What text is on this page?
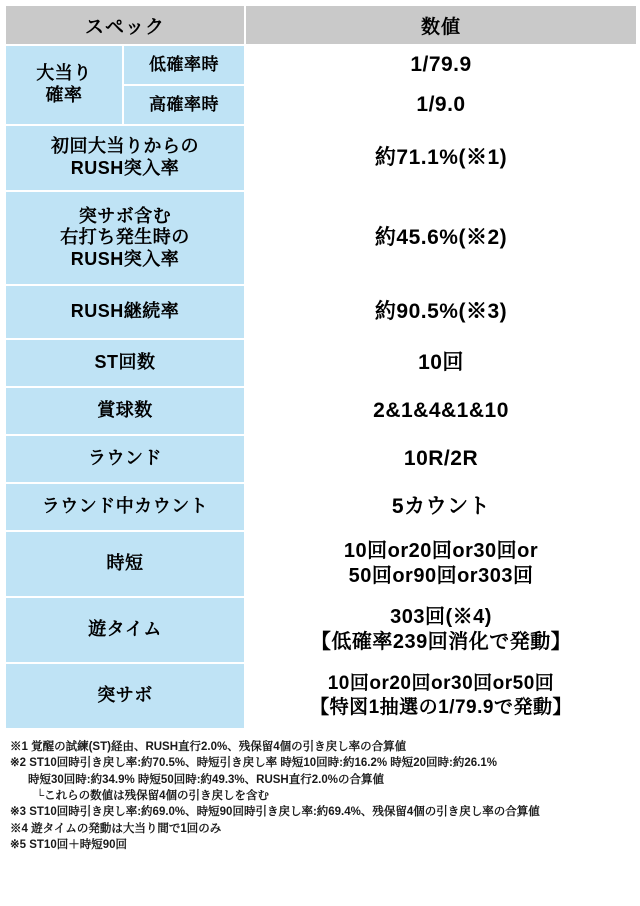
スペック		数値
大当り
確率	低確率時	1/79.9
	高確率時	1/9.0
初回大当りからの
RUSH突入率		約71.1%(※1)
突サボ含む
右打ち発生時の
RUSH突入率		約45.6%(※2)
RUSH継続率		約90.5%(※3)
ST回数		10回
賞球数		2&1&4&1&10
ラウンド		10R/2R
ラウンド中カウント		5カウント
時短		10回or20回or30回or
50回or90回or303回
遊タイム		303回(※4)
【低確率239回消化で発動】
突サボ		10回or20回or30回or50回
【特図1抽選の1/79.9で発動】
※1 覚醒の試練(ST)経由、RUSH直行2.0%、残保留4個の引き戻し率の合算値
※2 ST10回時引き戻し率:約70.5%、時短引き戻し率 時短10回時:約16.2% 時短20回時:約26.1%
時短30回時:約34.9% 時短50回時:約49.3%、RUSH直行2.0%の合算値
└これらの数値は残保留4個の引き戻しを含む
※3 ST10回時引き戻し率:約69.0%、時短90回時引き戻し率:約69.4%、残保留4個の引き戻し率の合算値
※4 遊タイムの発動は大当り間で1回のみ
※5 ST10回＋時短90回
